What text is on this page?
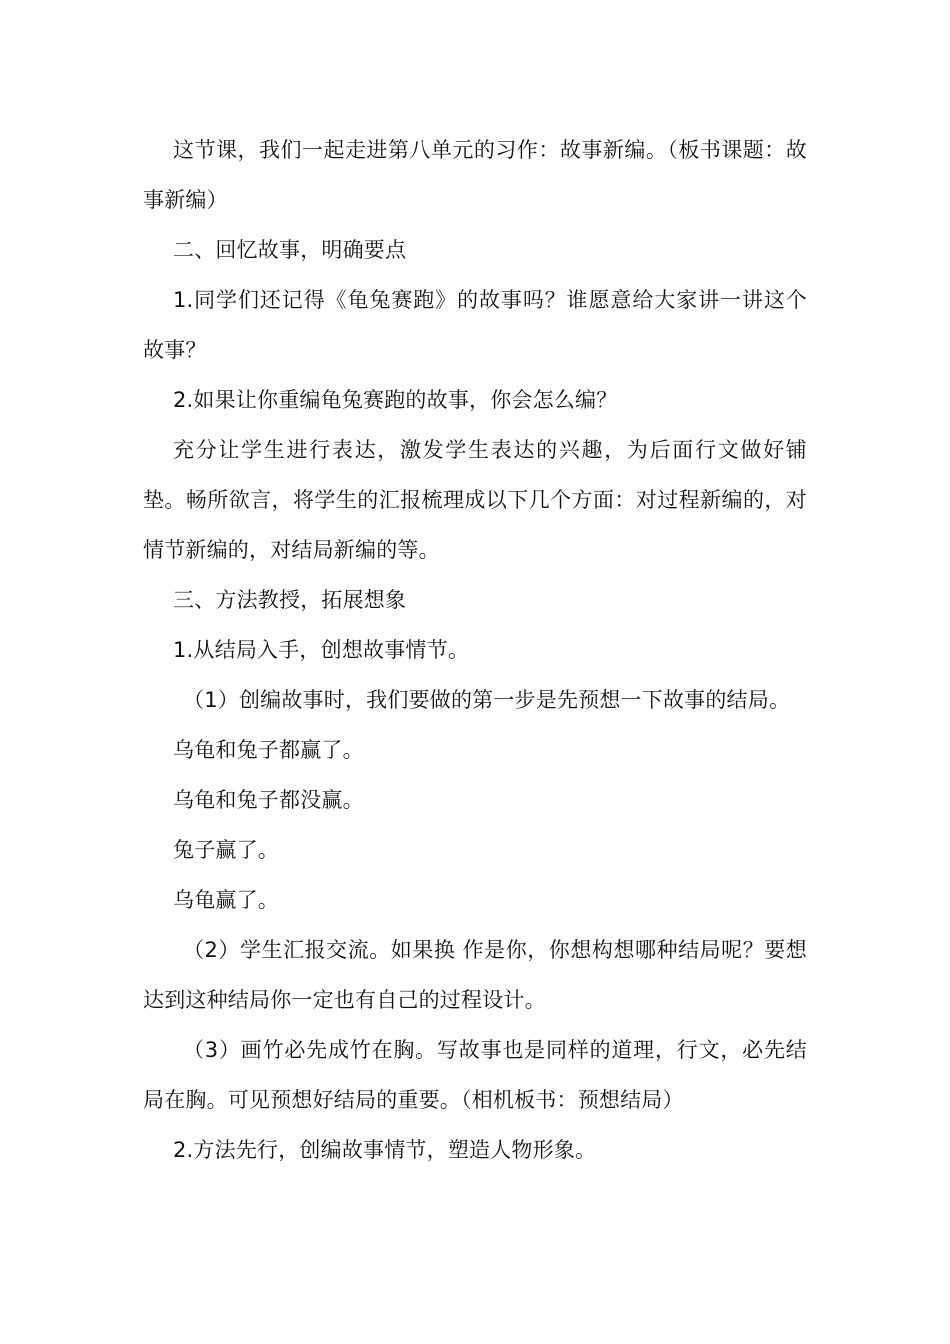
这节课，我们一起走进第八单元的习作：故事新编。（板书课题：故事新编）

二、回忆故事，明确要点

1.同学们还记得《龟兔赛跑》的故事吗？谁愿意给大家讲一讲这个故事？

2.如果让你重编龟兔赛跑的故事，你会怎么编？

充分让学生进行表达，激发学生表达的兴趣，为后面行文做好铺垫。畅所欲言，将学生的汇报梳理成以下几个方面：对过程新编的，对情节新编的，对结局新编的等。

三、方法教授，拓展想象

1.从结局入手，创想故事情节。

（1）创编故事时，我们要做的第一步是先预想一下故事的结局。

乌龟和兔子都赢了。

乌龟和兔子都没赢。

兔子赢了。

乌龟赢了。

（2）学生汇报交流。如果换 作是你，你想构想哪种结局呢？要想达到这种结局你一定也有自己的过程设计。

（3）画竹必先成竹在胸。写故事也是同样的道理，行文，必先结局在胸。可见预想好结局的重要。（相机板书：预想结局）

2.方法先行，创编故事情节，塑造人物形象。
